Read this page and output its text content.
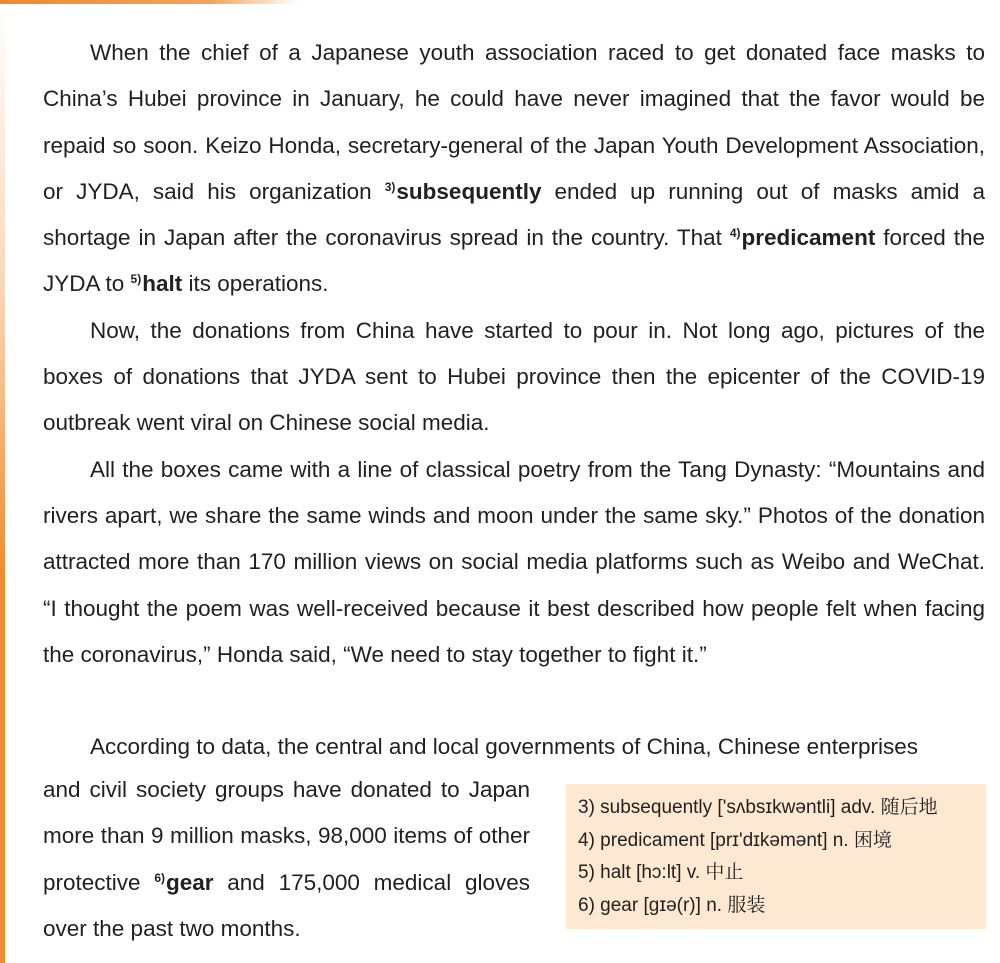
When the chief of a Japanese youth association raced to get donated face masks to China’s Hubei province in January, he could have never imagined that the favor would be repaid so soon. Keizo Honda, secretary-general of the Japan Youth Development Association, or JYDA, said his organization $^{3)}$subsequently ended up running out of masks amid a shortage in Japan after the coronavirus spread in the country. That $^{4)}$predicament forced the JYDA to $^{5)}$halt its operations.

Now, the donations from China have started to pour in. Not long ago, pictures of the boxes of donations that JYDA sent to Hubei province then the epicenter of the COVID-19 outbreak went viral on Chinese social media.

All the boxes came with a line of classical poetry from the Tang Dynasty: “Mountains and rivers apart, we share the same winds and moon under the same sky.” Photos of the donation attracted more than 170 million views on social media platforms such as Weibo and WeChat. “I thought the poem was well-received because it best described how people felt when facing the coronavirus,” Honda said, “We need to stay together to fight it.”

According to data, the central and local governments of China, Chinese enterprises

and civil society groups have donated to Japan more than 9 million masks, 98,000 items of other protective $^{6)}$gear and 175,000 medical gloves over the past two months.
3) subsequently ['sʌbsɪkwəntli] adv. 随后地
4) predicament [prɪ'dɪkəmənt] n. 困境
5) halt [hɔ:lt] v. 中止
6) gear [gɪə(r)] n. 服装
